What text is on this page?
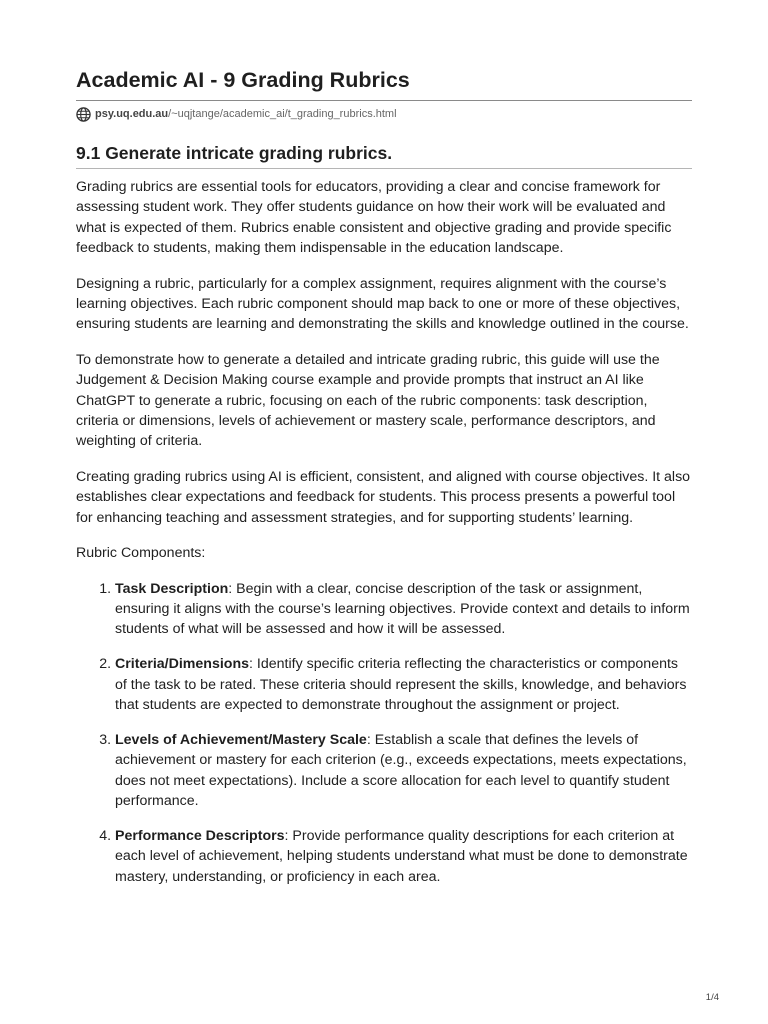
Academic AI - 9 Grading Rubrics
psy.uq.edu.au /~uqjtange/academic_ai/t_grading_rubrics.html
9.1 Generate intricate grading rubrics.

Grading rubrics are essential tools for educators, providing a clear and concise framework for assessing student work. They offer students guidance on how their work will be evaluated and what is expected of them. Rubrics enable consistent and objective grading and provide specific feedback to students, making them indispensable in the education landscape.

Designing a rubric, particularly for a complex assignment, requires alignment with the course’s learning objectives. Each rubric component should map back to one or more of these objectives, ensuring students are learning and demonstrating the skills and knowledge outlined in the course.

To demonstrate how to generate a detailed and intricate grading rubric, this guide will use the Judgement & Decision Making course example and provide prompts that instruct an AI like ChatGPT to generate a rubric, focusing on each of the rubric components: task description, criteria or dimensions, levels of achievement or mastery scale, performance descriptors, and weighting of criteria.

Creating grading rubrics using AI is efficient, consistent, and aligned with course objectives. It also establishes clear expectations and feedback for students. This process presents a powerful tool for enhancing teaching and assessment strategies, and for supporting students’ learning.

Rubric Components:

1. Task Description: Begin with a clear, concise description of the task or assignment, ensuring it aligns with the course’s learning objectives. Provide context and details to inform students of what will be assessed and how it will be assessed.
2. Criteria/Dimensions: Identify specific criteria reflecting the characteristics or components of the task to be rated. These criteria should represent the skills, knowledge, and behaviors that students are expected to demonstrate throughout the assignment or project.
3. Levels of Achievement/Mastery Scale: Establish a scale that defines the levels of achievement or mastery for each criterion (e.g., exceeds expectations, meets expectations, does not meet expectations). Include a score allocation for each level to quantify student performance.
4. Performance Descriptors: Provide performance quality descriptions for each criterion at each level of achievement, helping students understand what must be done to demonstrate mastery, understanding, or proficiency in each area.
1/4
